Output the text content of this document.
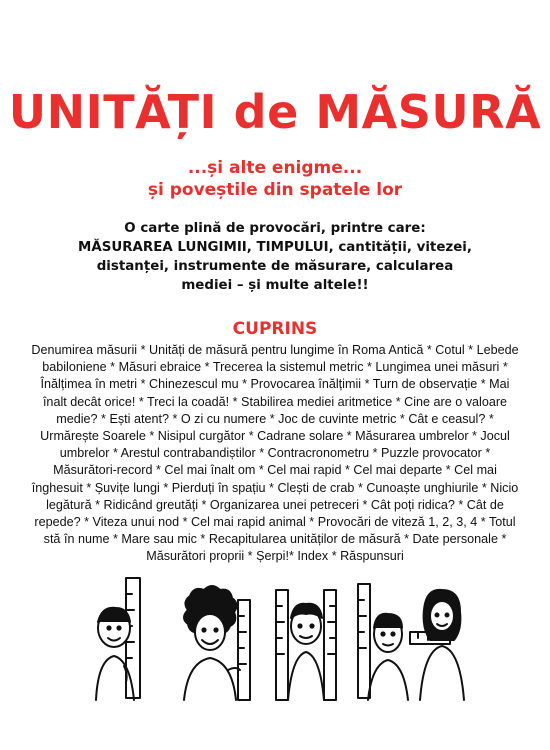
UNITĂȚI de MĂSURĂ

...și alte enigme...

și poveștile din spatele lor

O carte plină de provocări, printre care:
MĂSURAREA LUNGIMII, TIMPULUI, cantității, vitezei,
distanței, instrumente de măsurare, calcularea
mediei – și multe altele!!

CUPRINS

Denumirea măsurii * Unități de măsură pentru lungime în Roma Antică * Cotul * Lebede babiloniene * Măsuri ebraice * Trecerea la sistemul metric * Lungimea unei măsuri * Înălțimea în metri * Chinezescul mu * Provocarea înălțimii * Turn de observație * Mai înalt decât orice! * Treci la coadă! * Stabilirea mediei aritmetice * Cine are o valoare medie? * Ești atent? * O zi cu numere * Joc de cuvinte metric * Cât e ceasul? * Urmărește Soarele * Nisipul curgător * Cadrane solare * Măsurarea umbrelor * Jocul umbrelor * Arestul contrabandiștilor * Contracronometru * Puzzle provocator * Măsurători-record * Cel mai înalt om * Cel mai rapid * Cel mai departe * Cel mai înghesuit * Șuvițe lungi * Pierduți în spațiu * Clești de crab * Cunoaște unghiurile * Nicio legătură * Ridicând greutăți * Organizarea unei petreceri * Cât poți ridica? * Cât de repede? * Viteza unui nod * Cel mai rapid animal * Provocări de viteză 1, 2, 3, 4 * Totul stă în nume * Mare sau mic * Recapitularea unităților de măsură * Date personale * Măsurători proprii * Șerpi!* Index * Răspunsuri
